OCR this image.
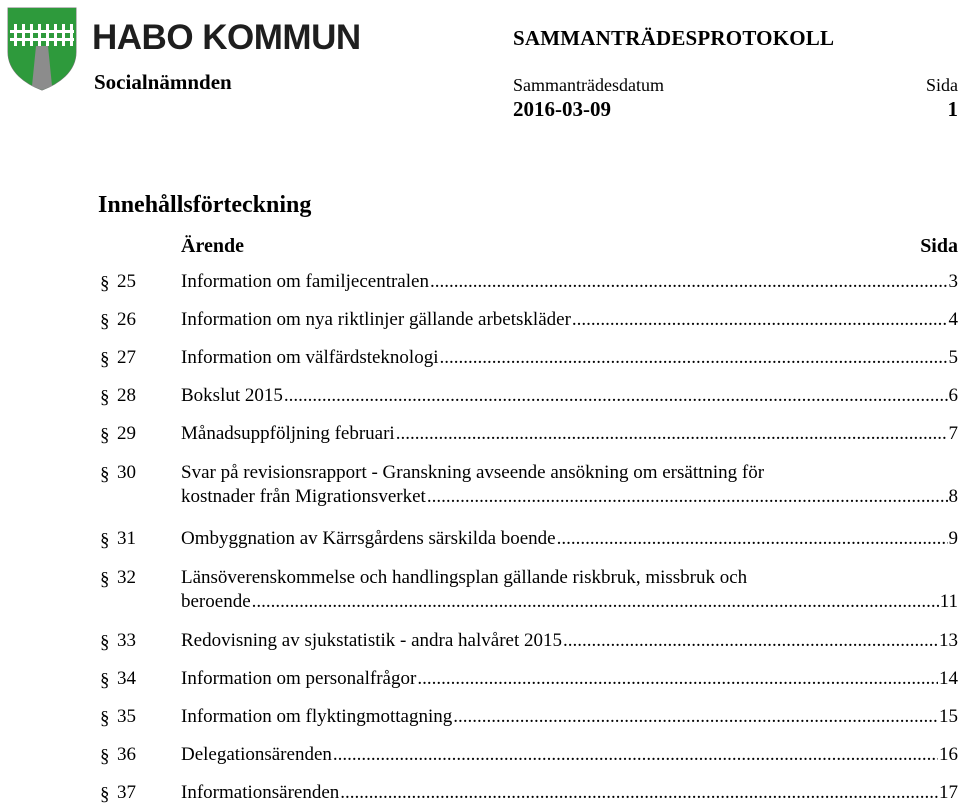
HABO KOMMUN
Socialnämnden
SAMMANTRÄDESPROTOKOLL
Sammanträdesdatum
2016-03-09
Sida
1
Innehållsförteckning
Ärende	Sida
§ 25 Information om familjecentralen .....	3
§ 26 Information om nya riktlinjer gällande arbetskläder .....	4
§ 27 Information om välfärdsteknologi .....	5
§ 28 Bokslut 2015 .....	6
§ 29 Månadsuppföljning februari .....	7
§ 30 Svar på revisionsrapport - Granskning avseende ansökning om ersättning för
kostnader från Migrationsverket .....	8
§ 31 Ombyggnation av Kärrsgårdens särskilda boende .....	9
§ 32 Länsöverenskommelse och handlingsplan gällande riskbruk, missbruk och
beroende .....	11
§ 33 Redovisning av sjukstatistik - andra halvåret 2015 .....	13
§ 34 Information om personalfrågor .....	14
§ 35 Information om flyktingmottagning .....	15
§ 36 Delegationsärenden .....	16
§ 37 Informationsärenden .....	17
